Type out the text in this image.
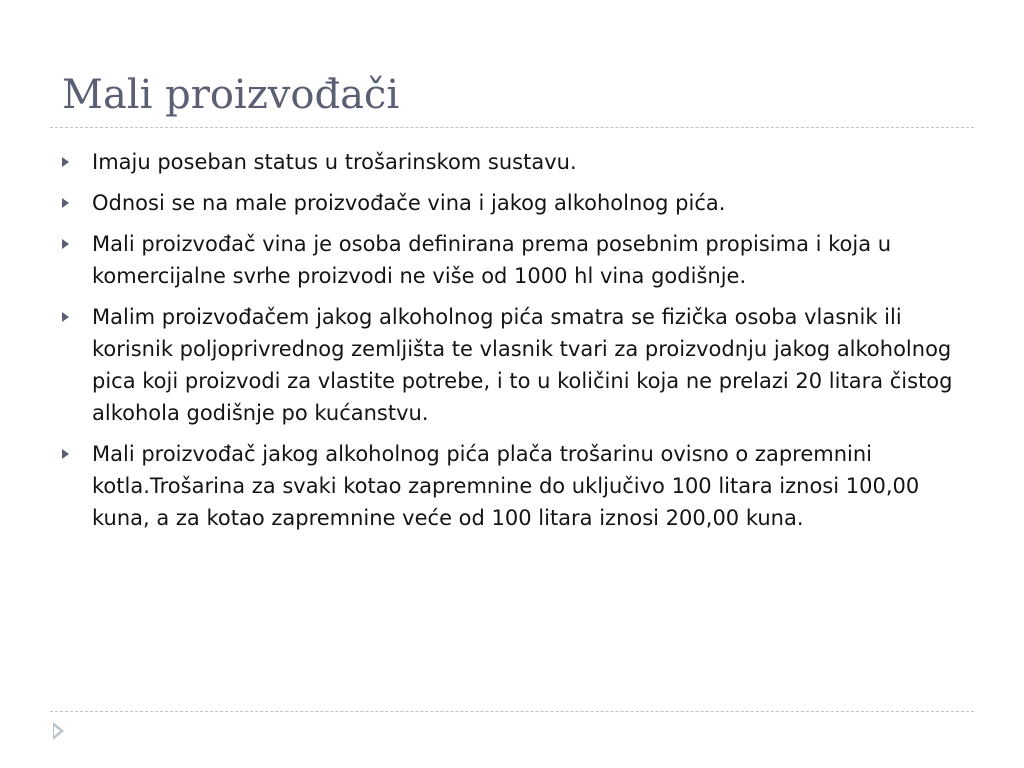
Mali proizvođači
Imaju poseban status u trošarinskom sustavu.
Odnosi se na male proizvođače vina i jakog alkoholnog pića.
Mali proizvođač vina je osoba definirana prema posebnim propisima i koja u komercijalne svrhe proizvodi ne više od 1000 hl vina godišnje.
Malim proizvođačem jakog alkoholnog pića smatra se fizička osoba vlasnik ili korisnik poljoprivrednog zemljišta te vlasnik tvari za proizvodnju jakog alkoholnog pica koji proizvodi za vlastite potrebe, i to u količini koja ne prelazi 20 litara čistog alkohola godišnje po kućanstvu.
Mali proizvođač jakog alkoholnog pića plača trošarinu ovisno o zapremnini kotla.Trošarina za svaki kotao zapremnine do uključivo 100 litara iznosi 100,00 kuna, a za kotao zapremnine veće od 100 litara iznosi 200,00 kuna.
